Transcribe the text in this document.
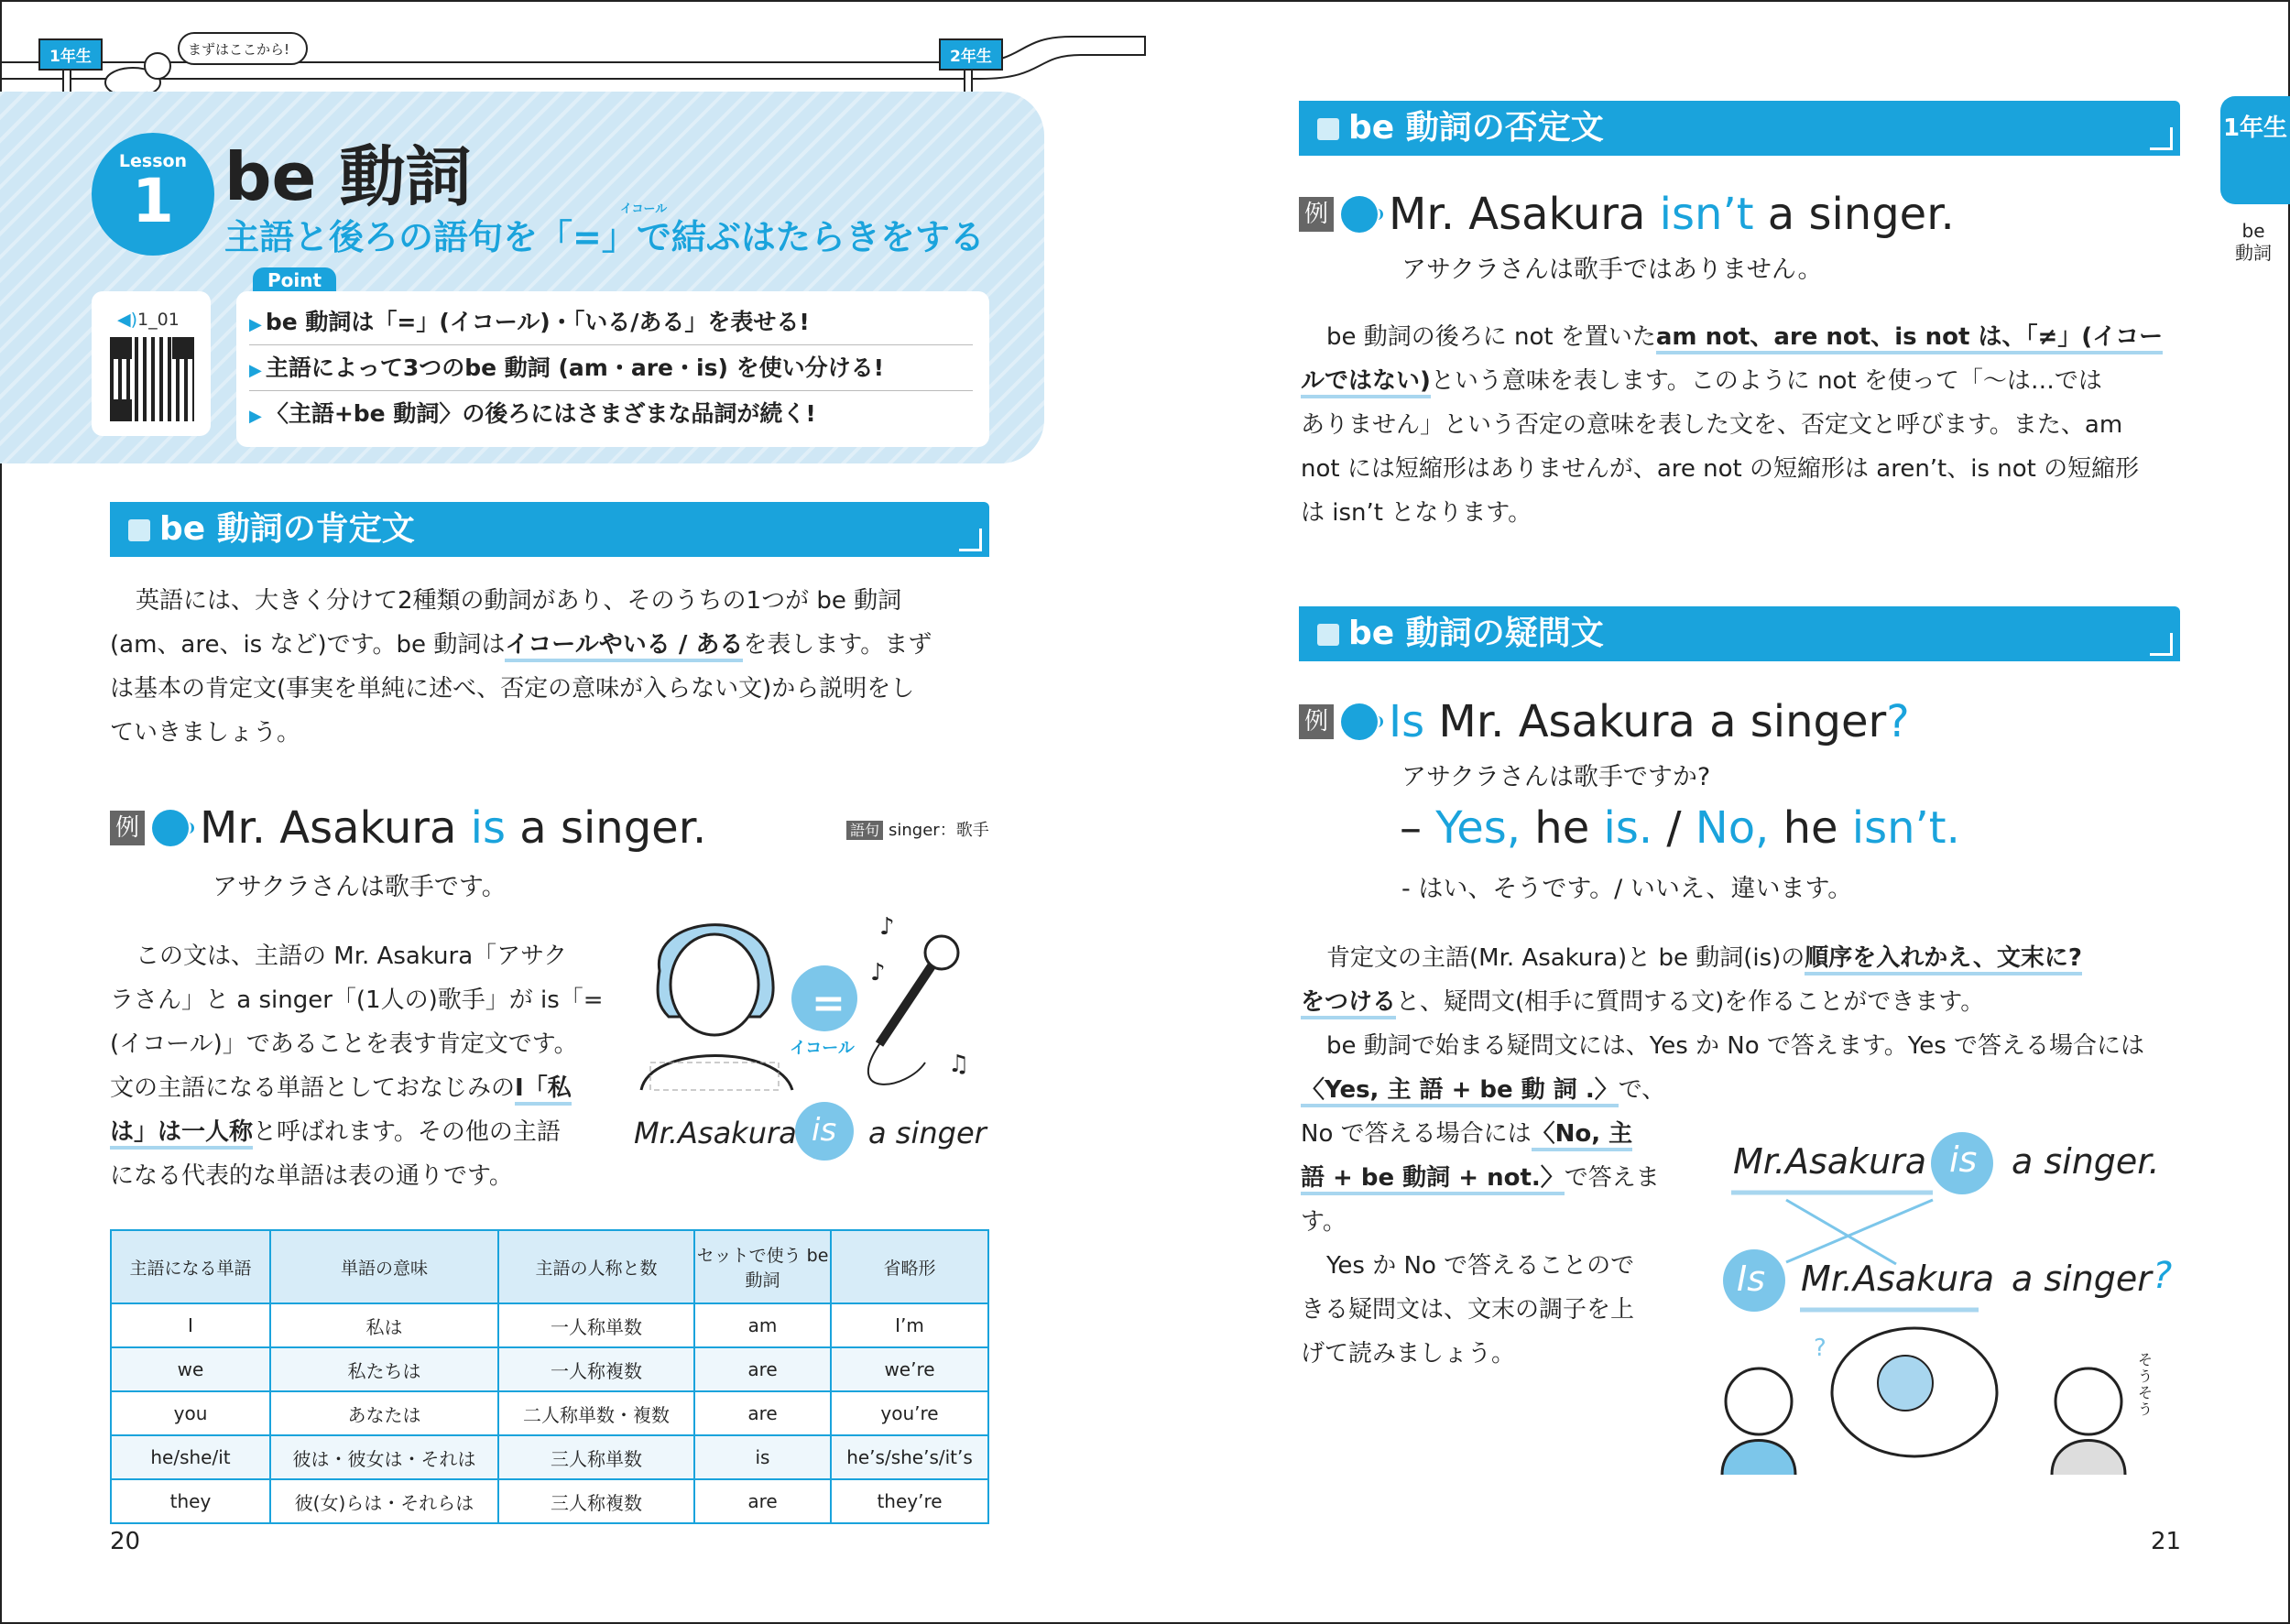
1年生	まずはここから!	2年生
Lesson
1 be 動詞	イコール
主語と後ろの語句を「=」で結ぶはたらきをする
◀)1_01
Point
▶ be 動詞は「=」(イコール)・「いる/ある」を表せる!
▶ 主語によって3つのbe 動詞 (am・are・is) を使い分ける!
▶ 〈主語+be 動詞〉の後ろにはさまざまな品詞が続く!
be 動詞の肯定文
英語には、大きく分けて2種類の動詞があり、そのうちの1つが be 動詞
(am、are、is など)です。be 動詞はイコールやいる / あるを表します。まず
は基本の肯定文(事実を単純に述べ、否定の意味が入らない文)から説明をし
ていきましょう。
例 Mr. Asakura is a singer.
アサクラさんは歌手です。
語句 singer：歌手
この文は、主語の Mr. Asakura「アサク
ラさん」と a singer「(1人の)歌手」が is「=
(イコール)」であることを表す肯定文です。
文の主語になる単語としておなじみのI「私
は」は一人称と呼ばれます。その他の主語
になる代表的な単語は表の通りです。
♪
♪
♫
=
イコール
Mr.Asakura is a singer
主語になる単語	単語の意味	主語の人称と数	セットで使う be 動詞	省略形
I	私は	一人称単数	am	I’m
we	私たちは	一人称複数	are	we’re
you	あなたは	二人称単数・複数	are	you’re
he/she/it	彼は・彼女は・それは	三人称単数	is	he’s/she’s/it’s
they	彼(女)らは・それらは	三人称複数	are	they’re
20
be 動詞の否定文
例 Mr. Asakura isn’t a singer.
アサクラさんは歌手ではありません。
be 動詞の後ろに not を置いたam not、are not、is not は、「≠」(イコー
ルではない)という意味を表します。このように not を使って「～は…では
ありません」という否定の意味を表した文を、否定文と呼びます。また、am
not には短縮形はありませんが、are not の短縮形は aren’t、is not の短縮形
は isn’t となります。
be 動詞の疑問文
例 Is Mr. Asakura a singer?
アサクラさんは歌手ですか?
– Yes, he is. / No, he isn’t.
- はい、そうです。/ いいえ、違います。
肯定文の主語(Mr. Asakura)と be 動詞(is)の順序を入れかえ、文末に?
をつけると、疑問文(相手に質問する文)を作ることができます。
be 動詞で始まる疑問文には、Yes か No で答えます。Yes で答える場合には
〈Yes, 主 語 + be 動 詞 .〉で、
No で答える場合には〈No, 主
語 + be 動詞 + not.〉で答えま
す。
Yes か No で答えることので
きる疑問文は、文末の調子を上
げて読みましょう。	?
Mr.Asakura is a singer.
Is Mr.Asakura a singer ?
そう そう
21
1年生
be動詞
